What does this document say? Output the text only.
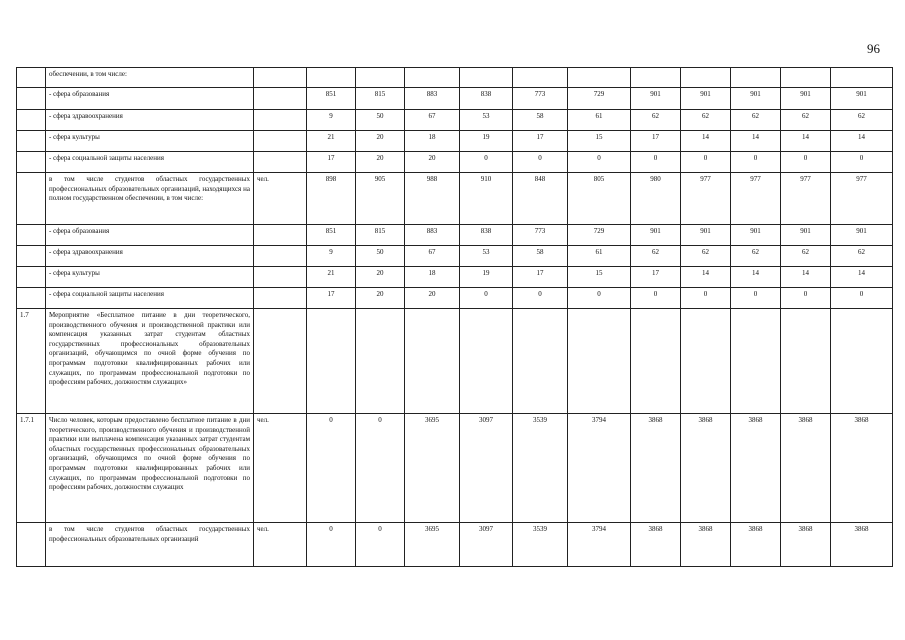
96
	обеспечении, в том числе:												
	- сфера образования		851	815	883	838	773	729	901	901	901	901	901
	- сфера здравоохранения		9	50	67	53	58	61	62	62	62	62	62
	- сфера культуры		21	20	18	19	17	15	17	14	14	14	14
	- сфера социальной защиты населения		17	20	20	0	0	0	0	0	0	0	0
	в том числе студентов областных государственных профессиональных образовательных организаций, находящихся на полном государственном обеспечении, в том числе:	чел.	898	905	988	910	848	805	980	977	977	977	977
	- сфера образования		851	815	883	838	773	729	901	901	901	901	901
	- сфера здравоохранения		9	50	67	53	58	61	62	62	62	62	62
	- сфера культуры		21	20	18	19	17	15	17	14	14	14	14
	- сфера социальной защиты населения		17	20	20	0	0	0	0	0	0	0	0
1.7	Мероприятие «Бесплатное питание в дни теоретического, производственного обучения и производственной практики или компенсация указанных затрат студентам областных государственных профессиональных образовательных организаций, обучающимся по очной форме обучения по программам подготовки квалифицированных рабочих или служащих, по программам профессиональной подготовки по профессиям рабочих, должностям служащих»												
1.7.1	Число человек, которым предоставлено бесплатное питание в дни теоретического, производственного обучения и производственной практики или выплачена компенсация указанных затрат студентам областных государственных профессиональных образовательных организаций, обучающимся по очной форме обучения по программам подготовки квалифицированных рабочих или служащих, по программам профессиональной подготовки по профессиям рабочих, должностям служащих	чел.	0	0	3695	3097	3539	3794	3868	3868	3868	3868	3868
	в том числе студентов областных государственных профессиональных образовательных организаций	чел.	0	0	3695	3097	3539	3794	3868	3868	3868	3868	3868
